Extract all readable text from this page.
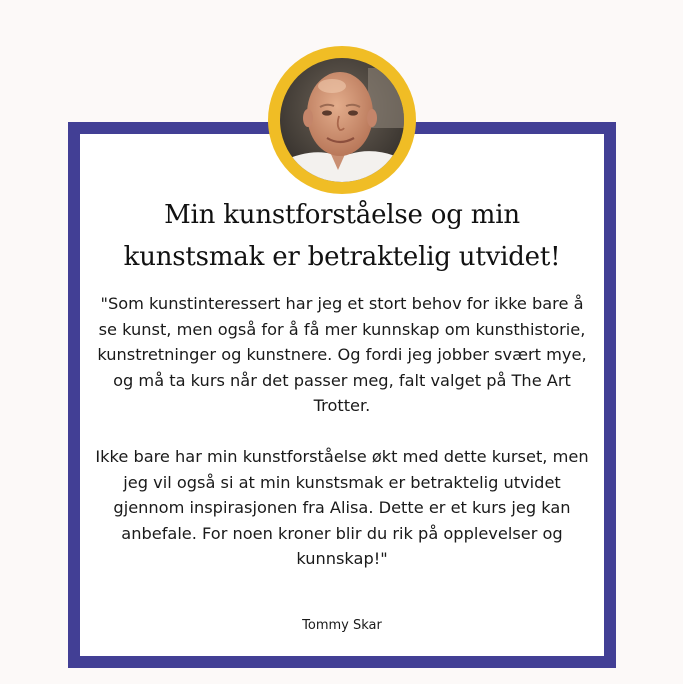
Min kunstforståelse og min
kunstsmak er betraktelig utvidet!

"Som kunstinteressert har jeg et stort behov for ikke bare å se kunst, men også for å få mer kunnskap om kunsthistorie, kunstretninger og kunstnere. Og fordi jeg jobber svært mye, og må ta kurs når det passer meg, falt valget på The Art Trotter.

Ikke bare har min kunstforståelse økt med dette kurset, men jeg vil også si at min kunstsmak er betraktelig utvidet gjennom inspirasjonen fra Alisa. Dette er et kurs jeg kan anbefale. For noen kroner blir du rik på opplevelser og kunnskap!"

Tommy Skar
